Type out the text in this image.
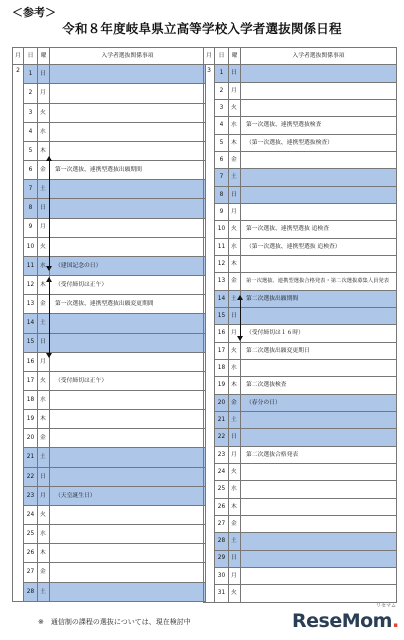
＜参考＞
令和８年度岐阜県立高等学校入学者選抜関係日程
月	日	曜	入学者選抜関係事項
2	1	日	
	2	月	
	3	火	
	4	水	
	5	木	
	6	金	第一次選抜、連携型選抜出願期間
	7	土	
	8	日	
	9	月	
	10	火	
	11	水	（建国記念の日）
	12	木	（受付締切は正午）
	13	金	第一次選抜、連携型選抜出願変更期間
	14	土	
	15	日	
	16	月	
	17	火	（受付締切は正午）
	18	水	
	19	木	
	20	金	
	21	土	
	22	日	
	23	月	（天皇誕生日）
	24	火	
	25	水	
	26	木	
	27	金	
	28	土	
月	日	曜	入学者選抜関係事項
3	1	日	
	2	月	
	3	火	
	4	水	第一次選抜、連携型選抜検査
	5	木	（第一次選抜、連携型選抜検査）
	6	金	
	7	土	
	8	日	
	9	月	
	10	火	第一次選抜、連携型選抜 追検査
	11	水	（第一次選抜、連携型選抜 追検査）
	12	木	
	13	金	第一次選抜、連携型選抜合格発表・第二次選抜募集人員発表
	14	土	第二次選抜出願期間
	15	日	
	16	月	（受付締切は１６時）
	17	火	第二次選抜出願変更期日
	18	水	
	19	木	第二次選抜検査
	20	金	（春分の日）
	21	土	
	22	日	
	23	月	第二次選抜合格発表
	24	火	
	25	水	
	26	木	
	27	金	
	28	土	
	29	日	
	30	月	
	31	火	
※　通信制の課程の選抜については、現在検討中
リセマム
ReseMom.
